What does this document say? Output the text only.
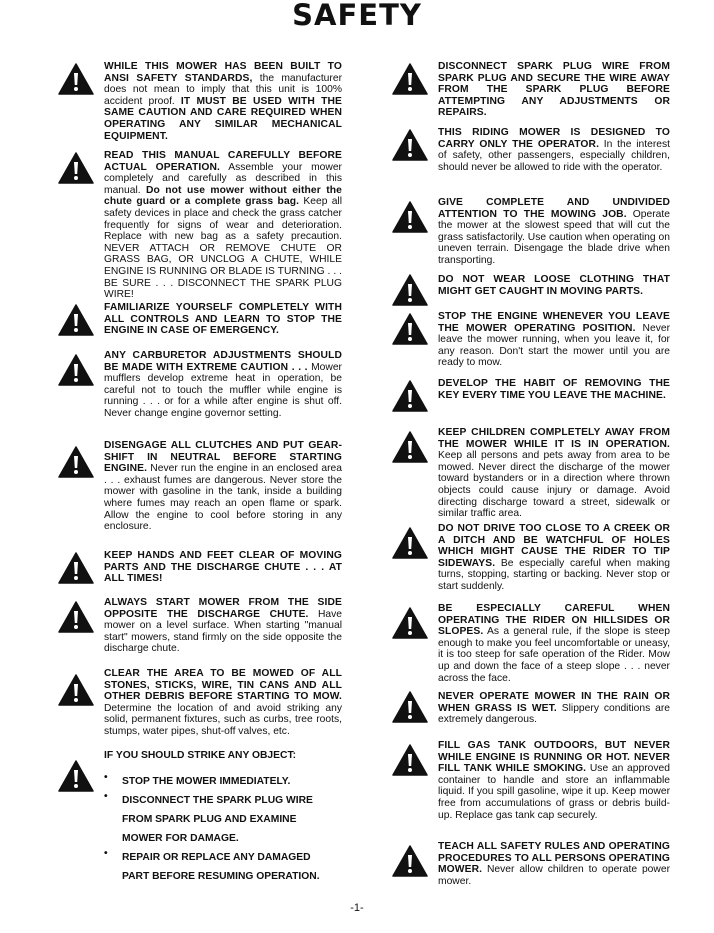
SAFETY

WHILE THIS MOWER HAS BEEN BUILT TO ANSI SAFETY STANDARDS, the manufacturer does not mean to imply that this unit is 100% accident proof. IT MUST BE USED WITH THE SAME CAUTION AND CARE REQUIRED WHEN OPERATING ANY SIMILAR MECHANICAL EQUIPMENT.

READ THIS MANUAL CAREFULLY BEFORE ACTUAL OPERATION. Assemble your mower completely and carefully as described in this manual. Do not use mower without either the chute guard or a complete grass bag. Keep all safety devices in place and check the grass catcher frequently for signs of wear and deterioration. Replace with new bag as a safety precaution. NEVER ATTACH OR REMOVE CHUTE OR GRASS BAG, OR UNCLOG A CHUTE, WHILE ENGINE IS RUNNING OR BLADE IS TURNING . . . BE SURE . . . DISCONNECT THE SPARK PLUG WIRE!

FAMILIARIZE YOURSELF COMPLETELY WITH ALL CONTROLS AND LEARN TO STOP THE ENGINE IN CASE OF EMERGENCY.

ANY CARBURETOR ADJUSTMENTS SHOULD BE MADE WITH EXTREME CAUTION . . . Mower mufflers develop extreme heat in operation, be careful not to touch the muffler while engine is running . . . or for a while after engine is shut off. Never change engine governor setting.

DISENGAGE ALL CLUTCHES AND PUT GEAR-SHIFT IN NEUTRAL BEFORE STARTING ENGINE. Never run the engine in an enclosed area . . . exhaust fumes are dangerous. Never store the mower with gasoline in the tank, inside a building where fumes may reach an open flame or spark. Allow the engine to cool before storing in any enclosure.

KEEP HANDS AND FEET CLEAR OF MOVING PARTS AND THE DISCHARGE CHUTE . . . AT ALL TIMES!

ALWAYS START MOWER FROM THE SIDE OPPOSITE THE DISCHARGE CHUTE. Have mower on a level surface. When starting "manual start" mowers, stand firmly on the side opposite the discharge chute.

CLEAR THE AREA TO BE MOWED OF ALL STONES, STICKS, WIRE, TIN CANS AND ALL OTHER DEBRIS BEFORE STARTING TO MOW. Determine the location of and avoid striking any solid, permanent fixtures, such as curbs, tree roots, stumps, water pipes, shut-off valves, etc.

IF YOU SHOULD STRIKE ANY OBJECT:
• STOP THE MOWER IMMEDIATELY.
• DISCONNECT THE SPARK PLUG WIRE
FROM SPARK PLUG AND EXAMINE
MOWER FOR DAMAGE.
• REPAIR OR REPLACE ANY DAMAGED
PART BEFORE RESUMING OPERATION.

DISCONNECT SPARK PLUG WIRE FROM SPARK PLUG AND SECURE THE WIRE AWAY FROM THE SPARK PLUG BEFORE ATTEMPTING ANY ADJUSTMENTS OR REPAIRS.

THIS RIDING MOWER IS DESIGNED TO CARRY ONLY THE OPERATOR. In the interest of safety, other passengers, especially children, should never be allowed to ride with the operator.

GIVE COMPLETE AND UNDIVIDED ATTENTION TO THE MOWING JOB. Operate the mower at the slowest speed that will cut the grass satisfactorily. Use caution when operating on uneven terrain. Disengage the blade drive when transporting.

DO NOT WEAR LOOSE CLOTHING THAT MIGHT GET CAUGHT IN MOVING PARTS.

STOP THE ENGINE WHENEVER YOU LEAVE THE MOWER OPERATING POSITION. Never leave the mower running, when you leave it, for any reason. Don't start the mower until you are ready to mow.

DEVELOP THE HABIT OF REMOVING THE KEY EVERY TIME YOU LEAVE THE MACHINE.

KEEP CHILDREN COMPLETELY AWAY FROM THE MOWER WHILE IT IS IN OPERATION. Keep all persons and pets away from area to be mowed. Never direct the discharge of the mower toward bystanders or in a direction where thrown objects could cause injury or damage. Avoid directing discharge toward a street, sidewalk or similar traffic area.

DO NOT DRIVE TOO CLOSE TO A CREEK OR A DITCH AND BE WATCHFUL OF HOLES WHICH MIGHT CAUSE THE RIDER TO TIP SIDEWAYS. Be especially careful when making turns, stopping, starting or backing. Never stop or start suddenly.

BE ESPECIALLY CAREFUL WHEN OPERATING THE RIDER ON HILLSIDES OR SLOPES. As a general rule, if the slope is steep enough to make you feel uncomfortable or uneasy, it is too steep for safe operation of the Rider. Mow up and down the face of a steep slope . . . never across the face.

NEVER OPERATE MOWER IN THE RAIN OR WHEN GRASS IS WET. Slippery conditions are extremely dangerous.

FILL GAS TANK OUTDOORS, BUT NEVER WHILE ENGINE IS RUNNING OR HOT. NEVER FILL TANK WHILE SMOKING. Use an approved container to handle and store an inflammable liquid. If you spill gasoline, wipe it up. Keep mower free from accumulations of grass or debris build-up. Replace gas tank cap securely.

TEACH ALL SAFETY RULES AND OPERATING PROCEDURES TO ALL PERSONS OPERATING MOWER. Never allow children to operate power mower.

-1-
